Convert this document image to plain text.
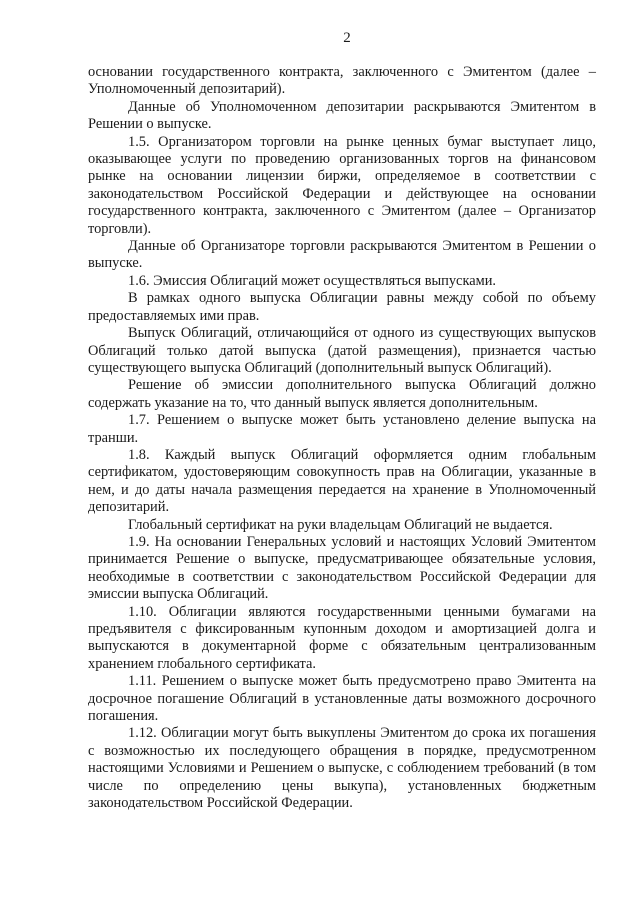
2

основании государственного контракта, заключенного с Эмитентом (далее – Уполномоченный депозитарий).

Данные об Уполномоченном депозитарии раскрываются Эмитентом в Решении о выпуске.

1.5. Организатором торговли на рынке ценных бумаг выступает лицо, оказывающее услуги по проведению организованных торгов на финансовом рынке на основании лицензии биржи, определяемое в соответствии с законодательством Российской Федерации и действующее на основании государственного контракта, заключенного с Эмитентом (далее – Организатор торговли).

Данные об Организаторе торговли раскрываются Эмитентом в Решении о выпуске.

1.6. Эмиссия Облигаций может осуществляться выпусками.

В рамках одного выпуска Облигации равны между собой по объему предоставляемых ими прав.

Выпуск Облигаций, отличающийся от одного из существующих выпусков Облигаций только датой выпуска (датой размещения), признается частью существующего выпуска Облигаций (дополнительный выпуск Облигаций).

Решение об эмиссии дополнительного выпуска Облигаций должно содержать указание на то, что данный выпуск является дополнительным.

1.7. Решением о выпуске может быть установлено деление выпуска на транши.

1.8. Каждый выпуск Облигаций оформляется одним глобальным сертификатом, удостоверяющим совокупность прав на Облигации, указанные в нем, и до даты начала размещения передается на хранение в Уполномоченный депозитарий.

Глобальный сертификат на руки владельцам Облигаций не выдается.

1.9. На основании Генеральных условий и настоящих Условий Эмитентом принимается Решение о выпуске, предусматривающее обязательные условия, необходимые в соответствии с законодательством Российской Федерации для эмиссии выпуска Облигаций.

1.10. Облигации являются государственными ценными бумагами на предъявителя с фиксированным купонным доходом и амортизацией долга и выпускаются в документарной форме с обязательным централизованным хранением глобального сертификата.

1.11. Решением о выпуске может быть предусмотрено право Эмитента на досрочное погашение Облигаций в установленные даты возможного досрочного погашения.

1.12. Облигации могут быть выкуплены Эмитентом до срока их погашения с возможностью их последующего обращения в порядке, предусмотренном настоящими Условиями и Решением о выпуске, с соблюдением требований (в том числе по определению цены выкупа), установленных бюджетным законодательством Российской Федерации.
